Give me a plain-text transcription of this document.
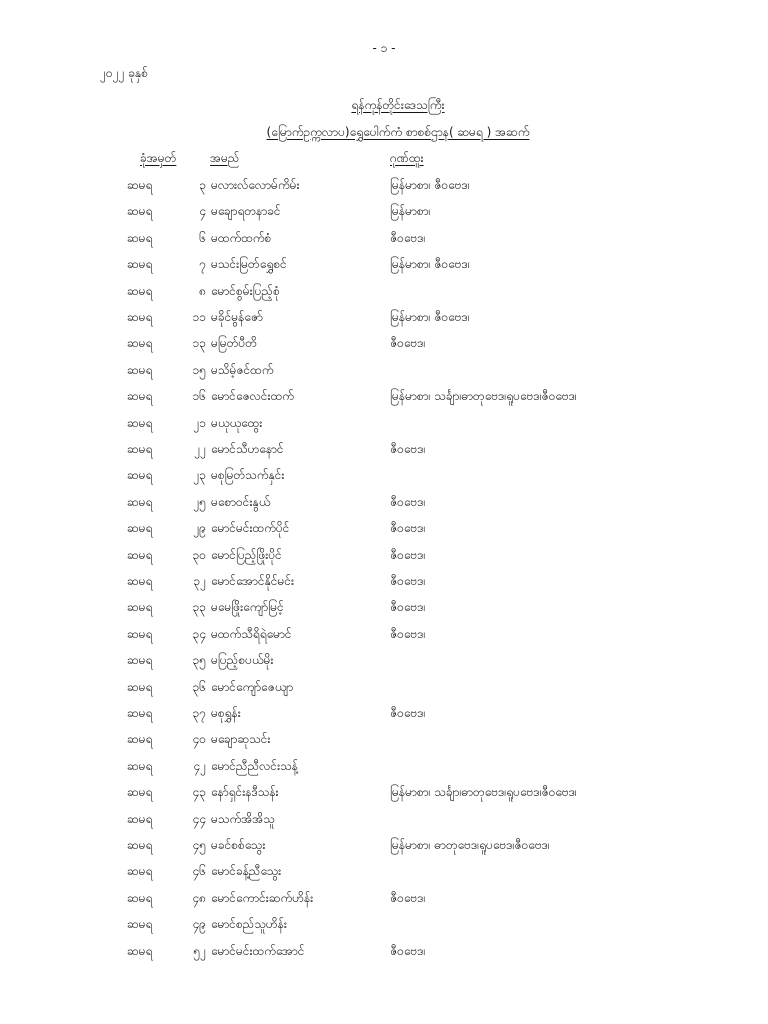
- ၁ -
၂၀၂၂ ခုနှစ်
ရန်ကုန်တိုင်းဒေသကြီး
(မြောက်ဥက္ကလာပ)ရွှေပေါက်ကံ စာစစ်ဌာန( ဆမရ ) အဆက်
ခုံအမှတ်	အမည်	ဂုဏ်ထူး
ဆမရ	၃ မလားလ်လောမ်ကိမ်း	မြန်မာစာ၊ ဇီဝဗေဒ၊
ဆမရ	၄ မချောရတနာခင်	မြန်မာစာ၊
ဆမရ	၆ မထက်ထက်စံ	ဇီဝဗေဒ၊
ဆမရ	၇ မသင်းမြတ်ရွှေစင်	မြန်မာစာ၊ ဇီဝဗေဒ၊
ဆမရ	၈ မောင်စွမ်းပြည့်စုံ
ဆမရ	၁၁ မခိုင်မွန်ဇော်	မြန်မာစာ၊ ဇီဝဗေဒ၊
ဆမရ	၁၃ မမြတ်ပီတိ	ဇီဝဗေဒ၊
ဆမရ	၁၅ မသိမ့်ဇင်ထက်
ဆမရ	၁၆ မောင်ဇေလင်းထက်	မြန်မာစာ၊ သင်္ချာ၊ဓာတုဗေဒ၊ရူပဗေဒ၊ဇီဝဗေဒ၊
ဆမရ	၂၁ မယုယုထွေး
ဆမရ	၂၂ မောင်သီဟနောင်	ဇီဝဗေဒ၊
ဆမရ	၂၃ မစုမြတ်သက်နှင်း
ဆမရ	၂၅ မစောဝင်းနွယ်	ဇီဝဗေဒ၊
ဆမရ	၂၉ မောင်မင်းထက်ပိုင်	ဇီဝဗေဒ၊
ဆမရ	၃၀ မောင်ပြည့်ဖြိုးပိုင်	ဇီဝဗေဒ၊
ဆမရ	၃၂ မောင်အောင်နိုင်မင်း	ဇီဝဗေဒ၊
ဆမရ	၃၃ မမေဖြိုးကျော်မြင့်	ဇီဝဗေဒ၊
ဆမရ	၃၄ မထက်သီရိရဲမောင်	ဇီဝဗေဒ၊
ဆမရ	၃၅ မပြည့်စပယ်မိုး
ဆမရ	၃၆ မောင်ကျော်ဇေယျာ
ဆမရ	၃၇ မစုရွှန်း	ဇီဝဗေဒ၊
ဆမရ	၄၀ မချောဆုသင်း
ဆမရ	၄၂ မောင်ညီညီလင်းသန့်
ဆမရ	၄၃ နော်ရှင်းနဒီသန်း	မြန်မာစာ၊ သင်္ချာ၊ဓာတုဗေဒ၊ရူပဗေဒ၊ဇီဝဗေဒ၊
ဆမရ	၄၄ မသက်အိအိသူ
ဆမရ	၄၅ မခင်စစ်သွေး	မြန်မာစာ၊ ဓာတုဗေဒ၊ရူပဗေဒ၊ဇီဝဗေဒ၊
ဆမရ	၄၆ မောင်ခန့်ညီသွေး
ဆမရ	၄၈ မောင်ကောင်းဆက်ဟိန်း	ဇီဝဗေဒ၊
ဆမရ	၄၉ မောင်စည်သူဟိန်း
ဆမရ	၅၂ မောင်မင်းထက်အောင်	ဇီဝဗေဒ၊
